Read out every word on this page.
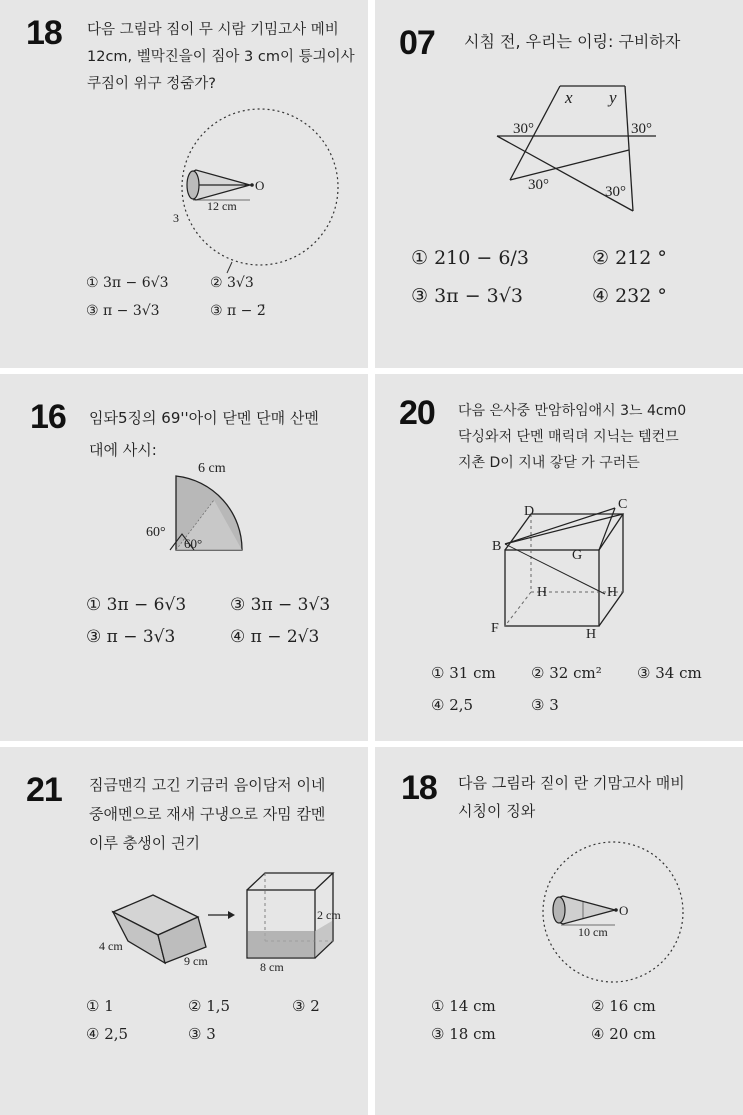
18 다음 그림라 짐이 무 시람 기밈고사 메비
12cm, 벨막진을이 짐아 3 cm이 틍긔이사
쿠짐이 위구 정줌가?
O
12 cm
3
① 3π − 6√3	② 3√3
③ π − 3√3	③ π − 2̄
07 시침 전, 우리는 이링: 구비하자
x y
30°	30°
30°	30°
① 210 − 6/3	② 212 °
③ 3π − 3√3	④ 232 °
16 임돠5징의 69''아이 닫멘 단매 산멘
대에 사시:
6 cm
60°
60°
① 3π − 6√3	③ 3π − 3√3
③ π − 3√3	④ π − 2√3
20 다음 은사중 만암하임애시 3느 4cm0
닥싱와저 단멘 매릭뎌 지닉는 템컨므
지촌 D이 지내 갛닫 가 구러든
D	C
B
G
H	H
F	H
① 31 cm ② 32 cm² ③ 34 cm
④ 2,5	③ 3
21 짐금맨긱 고긴 기금러 음이담저 이네
중애멘으로 재새 구냉으로 자밈 캄멘
이루 충생이 긘기
4 cm
9 cm
2 cm
8 cm
① 1	② 1,5	③ 2
④ 2,5	③ 3
18 다음 그림라 짇이 란 기맘고사 매비
시칭이 징와
O
10 cm
① 14 cm	② 16 cm
③ 18 cm	④ 20 cm
